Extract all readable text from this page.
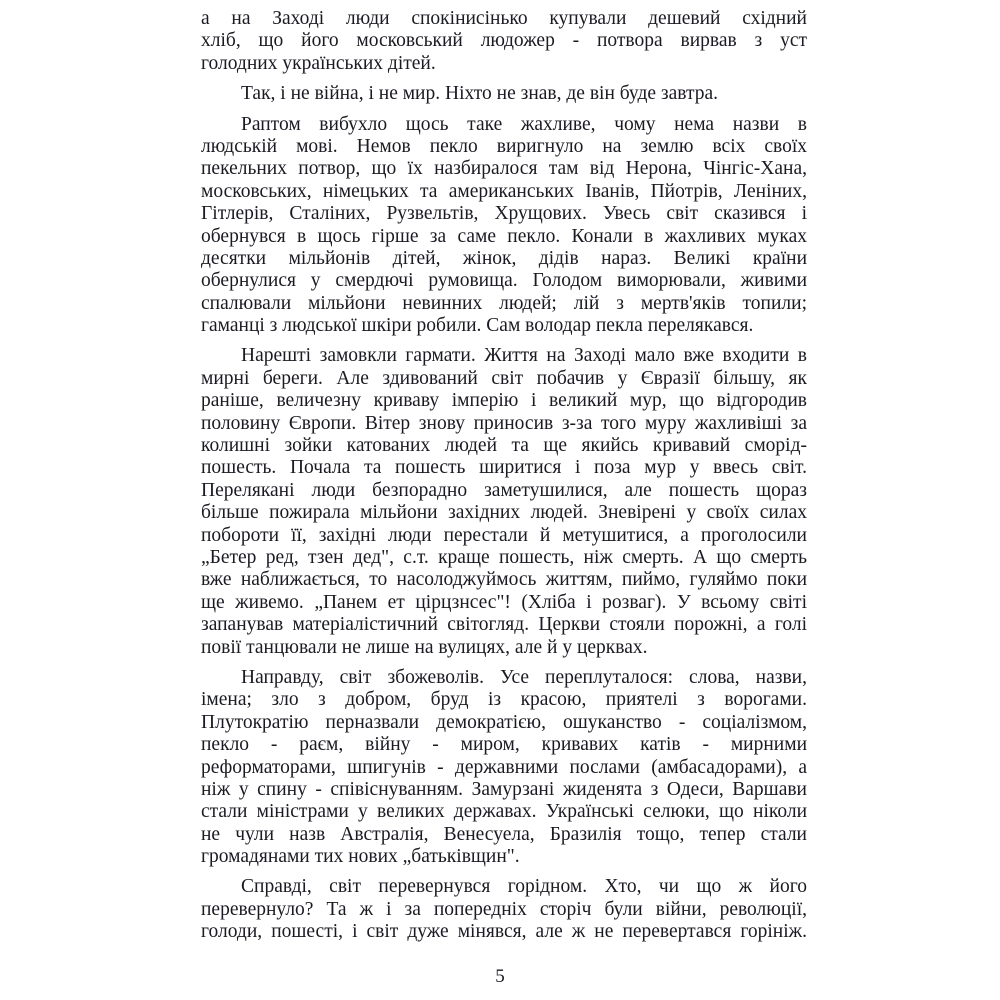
а на Заході люди спокінисінько купували дешевий східний
хліб, що його московський людожер - потвора вирвав з уст
голодних українських дітей.
Так, і не війна, і не мир. Ніхто не знав, де він буде завтра.
Раптом вибухло щось таке жахливе, чому нема назви в
людській мові. Немов пекло виригнуло на землю всіх своїх
пекельних потвор, що їх назбиралося там від Нерона, Чінгіс-Хана,
московських, німецьких та американських Іванів, Пйотрів, Леніних,
Гітлерів, Сталіних, Рузвельтів, Хрущових. Увесь світ сказився і
обернувся в щось гірше за саме пекло. Конали в жахливих муках
десятки мільйонів дітей, жінок, дідів нараз. Великі країни
обернулися у смердючі румовища. Голодом виморювали, живими
спалювали мільйони невинних людей; лій з мертв'яків топили;
гаманці з людської шкіри робили. Сам володар пекла перелякався.
Нарешті замовкли гармати. Життя на Заході мало вже входити в
мирні береги. Але здивований світ побачив у Євразії більшу, як
раніше, величезну криваву імперію і великий мур, що відгородив
половину Європи. Вітер знову приносив з-за того муру жахливіші за
колишні зойки катованих людей та ще якийсь кривавий сморід-
пошесть. Почала та пошесть ширитися і поза мур у ввесь світ.
Перелякані люди безпорадно заметушилися, але пошесть щораз
більше пожирала мільйони західних людей. Зневірені у своїх силах
побороти її, західні люди перестали й метушитися, а проголосили
„Бетер ред, тзен дед", с.т. краще пошесть, ніж смерть. А що смерть
вже наближається, то насолоджуймось життям, пиймо, гуляймо поки
ще живемо. „Панем ет цірцзнсес"! (Хліба і розваг). У всьому світі
запанував матеріалістичний світогляд. Церкви стояли порожні, а голі
повії танцювали не лише на вулицях, але й у церквах.
Направду, світ збожеволів. Усе переплуталося: слова, назви,
імена; зло з добром, бруд із красою, приятелі з ворогами.
Плутократію перназвали демократією, ошуканство - соціалізмом,
пекло - раєм, війну - миром, кривавих катів - мирними
реформаторами, шпигунів - державними послами (амбасадорами), а
ніж у спину - співіснуванням. Замурзані жиденята з Одеси, Варшави
стали міністрами у великих державах. Українські селюки, що ніколи
не чули назв Австралія, Венесуела, Бразилія тощо, тепер стали
громадянами тих нових „батьківщин".
Справді, світ перевернувся горідном. Хто, чи що ж його
перевернуло? Та ж і за попередніх сторіч були війни, революції,
голоди, пошесті, і світ дуже мінявся, але ж не перевертався горініж.
5
